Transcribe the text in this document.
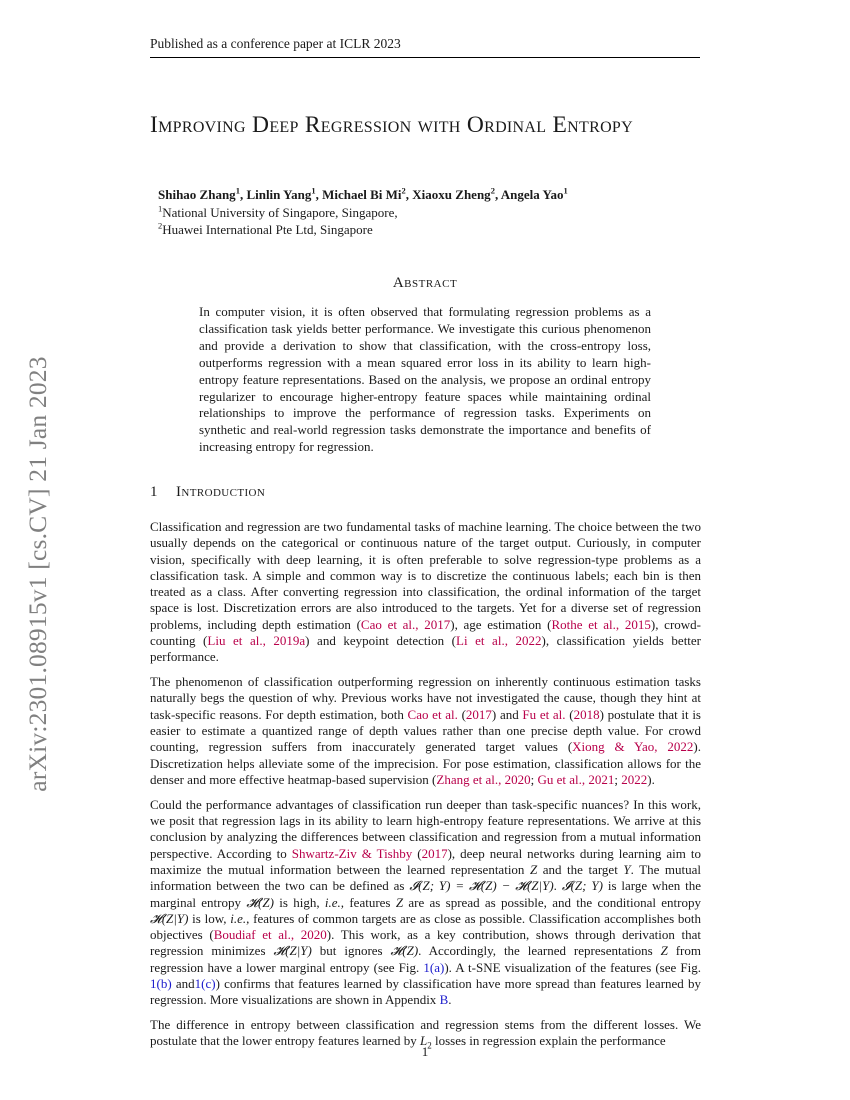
Published as a conference paper at ICLR 2023
arXiv:2301.08915v1 [cs.CV] 21 Jan 2023
Improving Deep Regression with Ordinal Entropy
Shihao Zhang$^1$, Linlin Yang$^1$, Michael Bi Mi$^2$, Xiaoxu Zheng$^2$, Angela Yao$^1$
$^1$National University of Singapore, Singapore,
$^2$Huawei International Pte Ltd, Singapore
Abstract
In computer vision, it is often observed that formulating regression problems as a classification task yields better performance. We investigate this curious phenomenon and provide a derivation to show that classification, with the cross-entropy loss, outperforms regression with a mean squared error loss in its ability to learn high-entropy feature representations. Based on the analysis, we propose an ordinal entropy regularizer to encourage higher-entropy feature spaces while maintaining ordinal relationships to improve the performance of regression tasks. Experiments on synthetic and real-world regression tasks demonstrate the importance and benefits of increasing entropy for regression.
1 Introduction

Classification and regression are two fundamental tasks of machine learning. The choice between the two usually depends on the categorical or continuous nature of the target output. Curiously, in computer vision, specifically with deep learning, it is often preferable to solve regression-type problems as a classification task. A simple and common way is to discretize the continuous labels; each bin is then treated as a class. After converting regression into classification, the ordinal information of the target space is lost. Discretization errors are also introduced to the targets. Yet for a diverse set of regression problems, including depth estimation (Cao et al., 2017), age estimation (Rothe et al., 2015), crowd-counting (Liu et al., 2019a) and keypoint detection (Li et al., 2022), classification yields better performance.

The phenomenon of classification outperforming regression on inherently continuous estimation tasks naturally begs the question of why. Previous works have not investigated the cause, though they hint at task-specific reasons. For depth estimation, both Cao et al. (2017) and Fu et al. (2018) postulate that it is easier to estimate a quantized range of depth values rather than one precise depth value. For crowd counting, regression suffers from inaccurately generated target values (Xiong & Yao, 2022). Discretization helps alleviate some of the imprecision. For pose estimation, classification allows for the denser and more effective heatmap-based supervision (Zhang et al., 2020; Gu et al., 2021; 2022).

Could the performance advantages of classification run deeper than task-specific nuances? In this work, we posit that regression lags in its ability to learn high-entropy feature representations. We arrive at this conclusion by analyzing the differences between classification and regression from a mutual information perspective. According to Shwartz-Ziv & Tishby (2017), deep neural networks during learning aim to maximize the mutual information between the learned representation Z and the target Y. The mutual information between the two can be defined as 𝓘(Z; Y) = 𝓗(Z) − 𝓗(Z|Y). 𝓘(Z; Y) is large when the marginal entropy 𝓗(Z) is high, i.e., features Z are as spread as possible, and the conditional entropy 𝓗(Z|Y) is low, i.e., features of common targets are as close as possible. Classification accomplishes both objectives (Boudiaf et al., 2020). This work, as a key contribution, shows through derivation that regression minimizes 𝓗(Z|Y) but ignores 𝓗(Z). Accordingly, the learned representations Z from regression have a lower marginal entropy (see Fig. 1(a)). A t-SNE visualization of the features (see Fig. 1(b) and1(c)) confirms that features learned by classification have more spread than features learned by regression. More visualizations are shown in Appendix B.

The difference in entropy between classification and regression stems from the different losses. We postulate that the lower entropy features learned by $L_2$ losses in regression explain the performance

1
